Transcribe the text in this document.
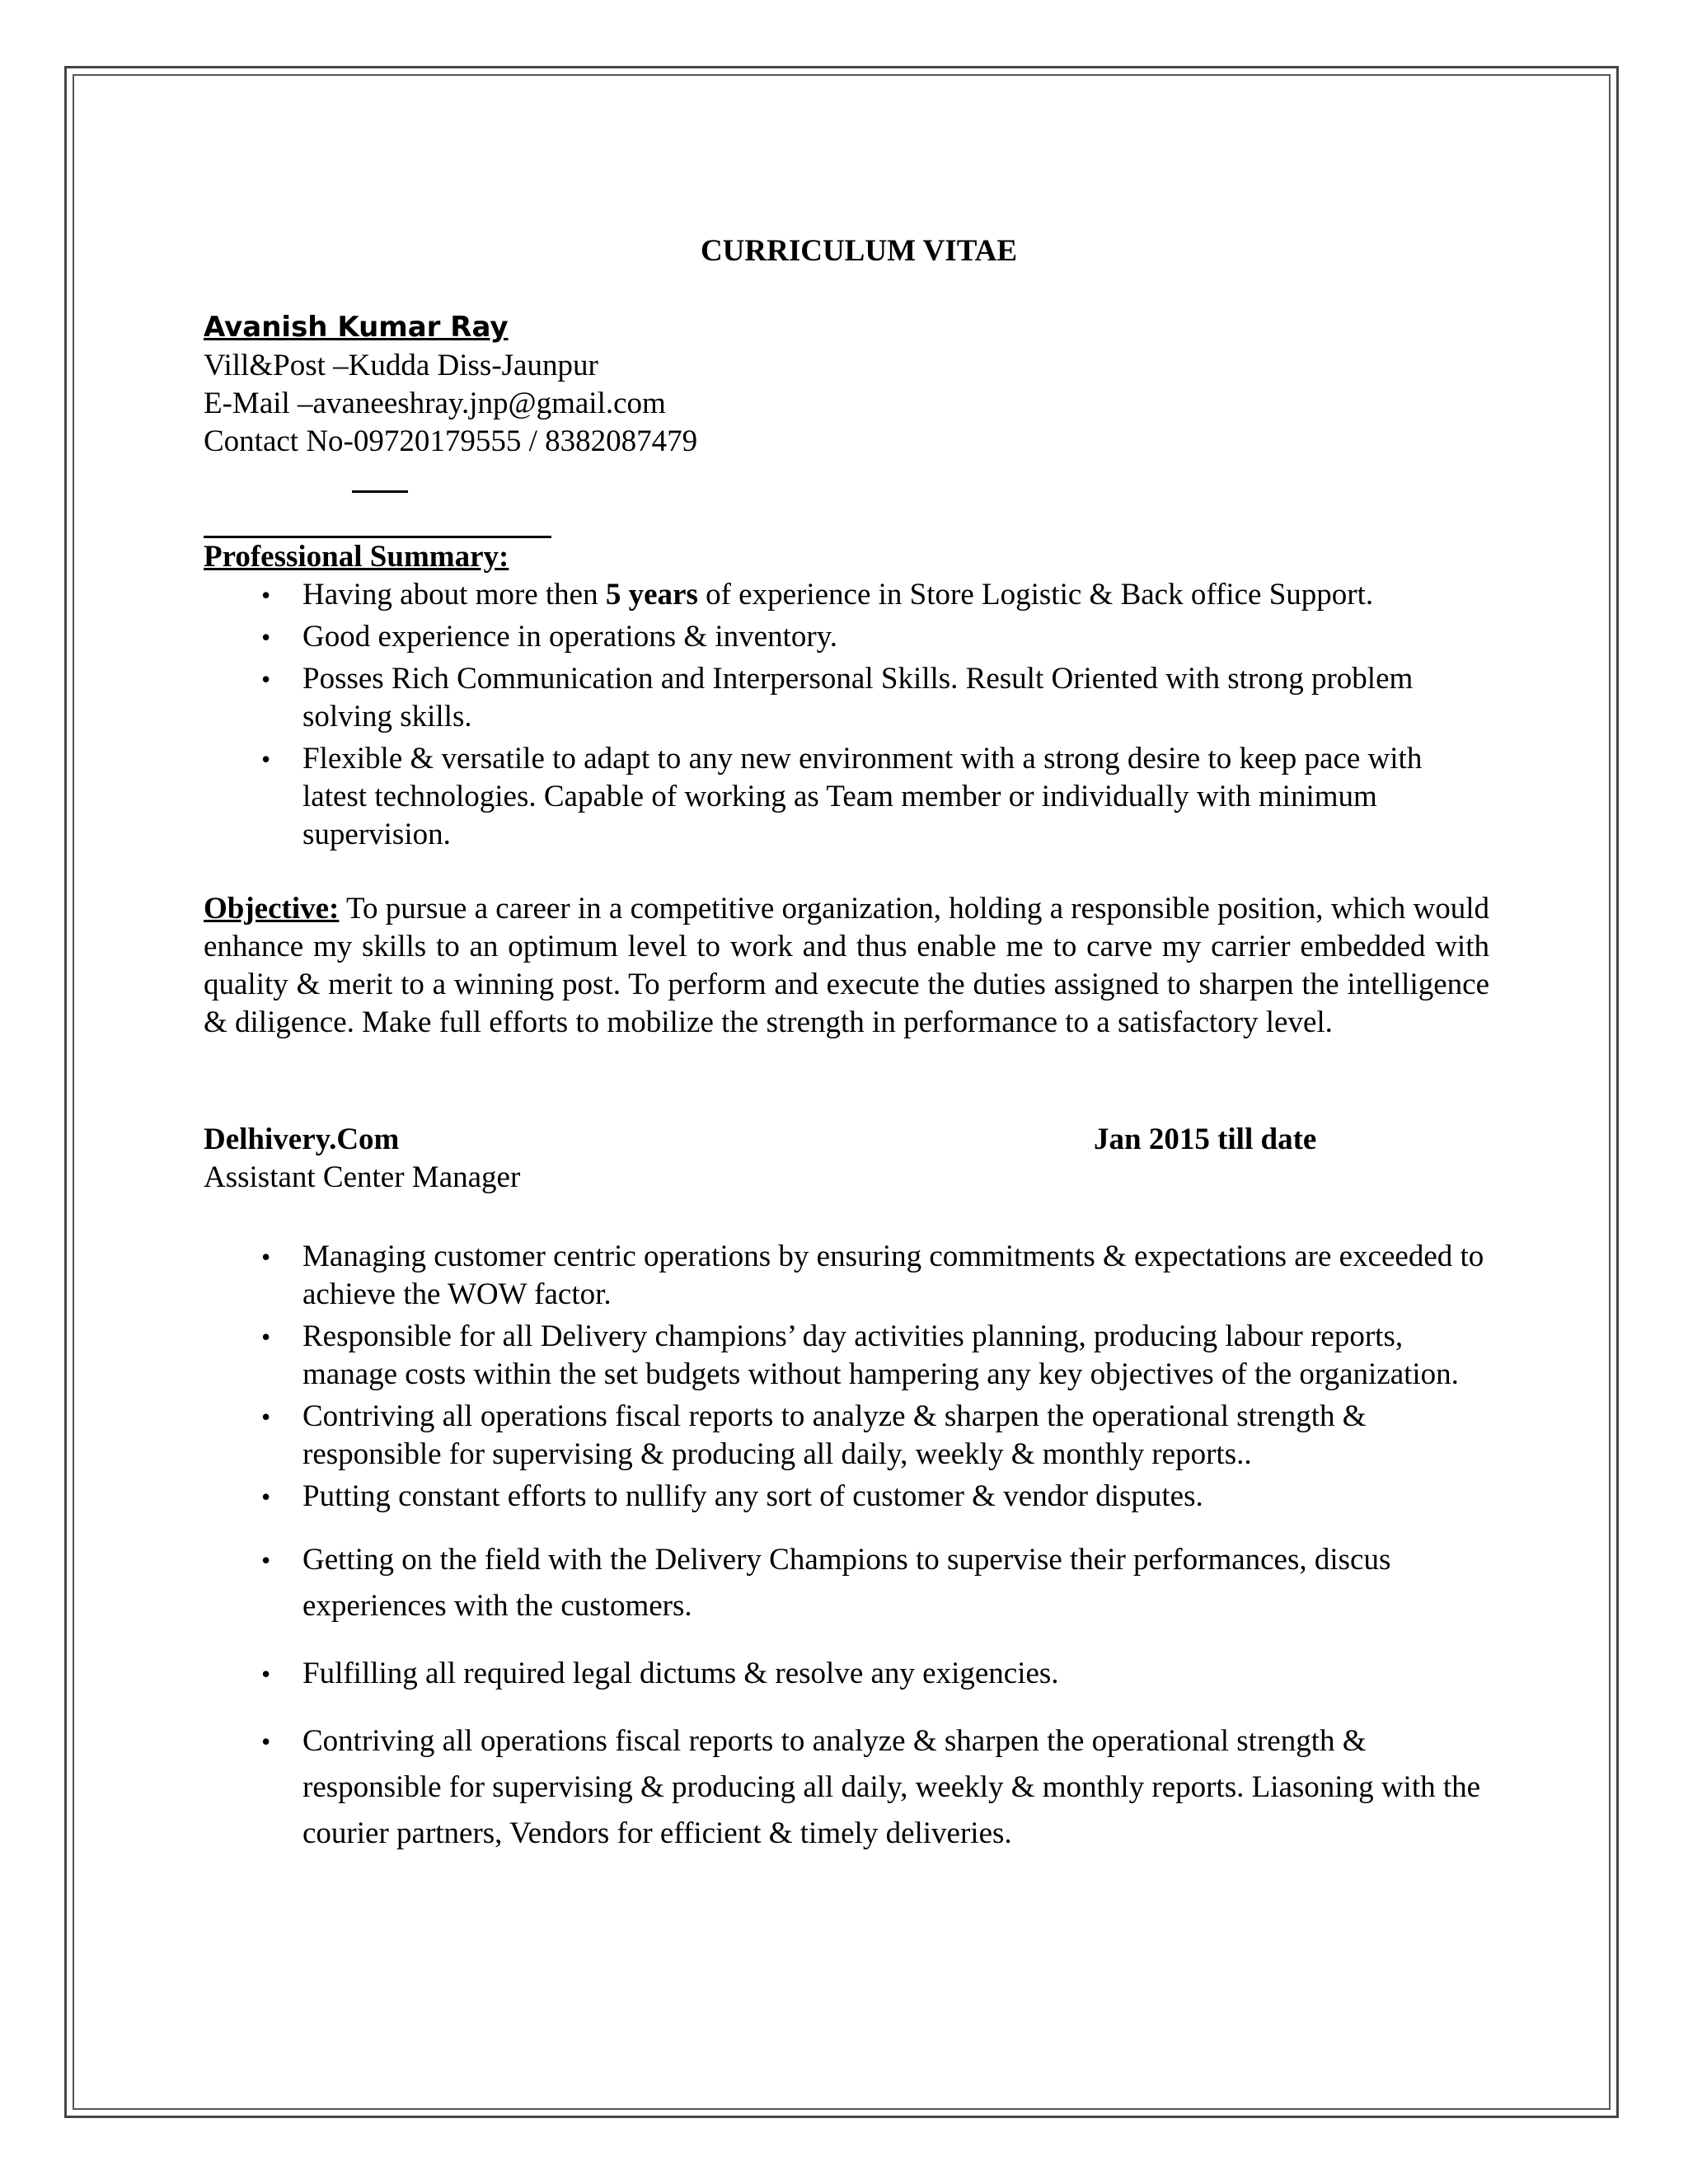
CURRICULUM VITAE
Avanish Kumar Ray
Vill&Post –Kudda Diss-Jaunpur
E-Mail –avaneeshray.jnp@gmail.com
Contact No-09720179555 / 8382087479
Professional Summary:
• Having about more then 5 years of experience in Store Logistic & Back office Support.
• Good experience in operations & inventory.
• Posses Rich Communication and Interpersonal Skills. Result Oriented with strong problem solving skills.
• Flexible & versatile to adapt to any new environment with a strong desire to keep pace with latest technologies. Capable of working as Team member or individually with minimum supervision.
Objective: To pursue a career in a competitive organization, holding a responsible position, which would enhance my skills to an optimum level to work and thus enable me to carve my carrier embedded with quality & merit to a winning post. To perform and execute the duties assigned to sharpen the intelligence & diligence. Make full efforts to mobilize the strength in performance to a satisfactory level.
Delhivery.Com	Jan 2015 till date
Assistant Center Manager
• Managing customer centric operations by ensuring commitments & expectations are exceeded to achieve the WOW factor.
• Responsible for all Delivery champions’ day activities planning, producing labour reports, manage costs within the set budgets without hampering any key objectives of the organization.
• Contriving all operations fiscal reports to analyze & sharpen the operational strength & responsible for supervising & producing all daily, weekly & monthly reports..
• Putting constant efforts to nullify any sort of customer & vendor disputes.
• Getting on the field with the Delivery Champions to supervise their performances, discus experiences with the customers.
• Fulfilling all required legal dictums & resolve any exigencies.
• Contriving all operations fiscal reports to analyze & sharpen the operational strength & responsible for supervising & producing all daily, weekly & monthly reports. Liasoning with the courier partners, Vendors for efficient & timely deliveries.
